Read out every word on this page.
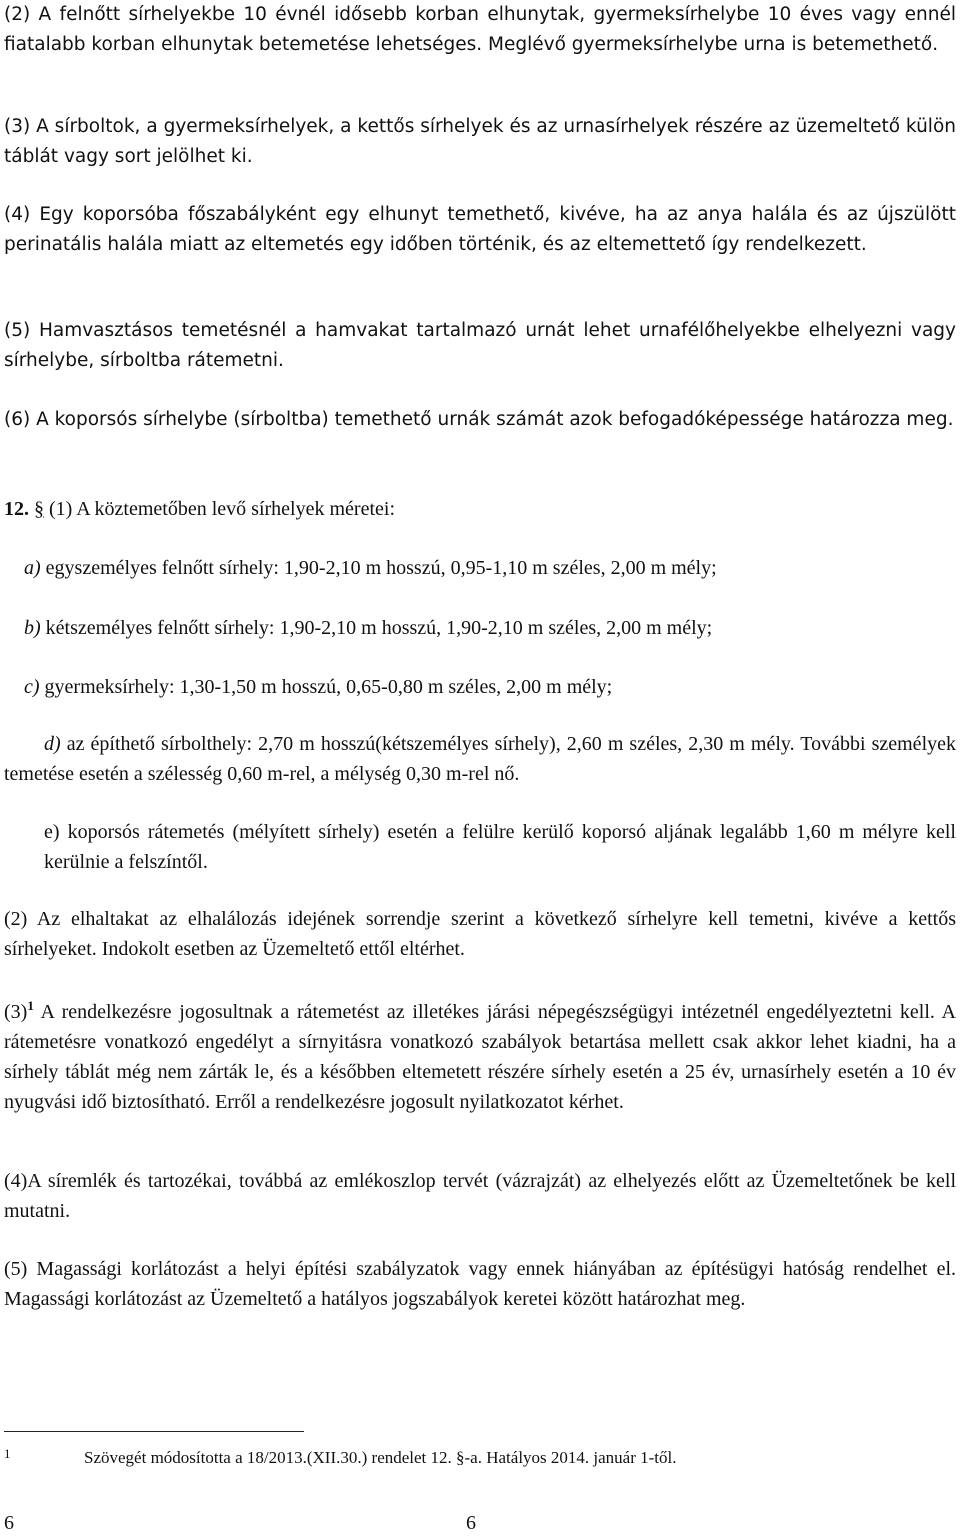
(2) A felnőtt sírhelyekbe 10 évnél idősebb korban elhunytak, gyermeksírhelybe 10 éves vagy ennél fiatalabb korban elhunytak betemetése lehetséges. Meglévő gyermeksírhelybe urna is betemethető.

(3) A sírboltok, a gyermeksírhelyek, a kettős sírhelyek és az urnasírhelyek részére az üzemeltető külön táblát vagy sort jelölhet ki.

(4) Egy koporsóba főszabályként egy elhunyt temethető, kivéve, ha az anya halála és az újszülött perinatális halála miatt az eltemetés egy időben történik, és az eltemettető így rendelkezett.

(5) Hamvasztásos temetésnél a hamvakat tartalmazó urnát lehet urnafélőhelyekbe elhelyezni vagy sírhelybe, sírboltba rátemetni.

(6) A koporsós sírhelybe (sírboltba) temethető urnák számát azok befogadóképessége határozza meg.

12. § (1) A köztemetőben levő sírhelyek méretei:

a) egyszemélyes felnőtt sírhely: 1,90-2,10 m hosszú, 0,95-1,10 m széles, 2,00 m mély;

b) kétszemélyes felnőtt sírhely: 1,90-2,10 m hosszú, 1,90-2,10 m széles, 2,00 m mély;

c) gyermeksírhely: 1,30-1,50 m hosszú, 0,65-0,80 m széles, 2,00 m mély;

d) az építhető sírbolthely: 2,70 m hosszú(kétszemélyes sírhely), 2,60 m széles, 2,30 m mély. További személyek temetése esetén a szélesség 0,60 m-rel, a mélység 0,30 m-rel nő.

e) koporsós rátemetés (mélyített sírhely) esetén a felülre kerülő koporsó aljának legalább 1,60 m mélyre kell kerülnie a felszíntől.

(2) Az elhaltakat az elhalálozás idejének sorrendje szerint a következő sírhelyre kell temetni, kivéve a kettős sírhelyeket. Indokolt esetben az Üzemeltető ettől eltérhet.

$(3)^1$ A rendelkezésre jogosultnak a rátemetést az illetékes járási népegészségügyi intézetnél engedélyeztetni kell. A rátemetésre vonatkozó engedélyt a sírnyitásra vonatkozó szabályok betartása mellett csak akkor lehet kiadni, ha a sírhely táblát még nem zárták le, és a későbben eltemetett részére sírhely esetén a 25 év, urnasírhely esetén a 10 év nyugvási idő biztosítható. Erről a rendelkezésre jogosult nyilatkozatot kérhet.

(4)A síremlék és tartozékai, továbbá az emlékoszlop tervét (vázrajzát) az elhelyezés előtt az Üzemeltetőnek be kell mutatni.

(5) Magassági korlátozást a helyi építési szabályzatok vagy ennek hiányában az építésügyi hatóság rendelhet el. Magassági korlátozást az Üzemeltető a hatályos jogszabályok keretei között határozhat meg.

1	Szövegét módosította a 18/2013.(XII.30.) rendelet 12. §-a. Hatályos 2014. január 1-től.
6	6
